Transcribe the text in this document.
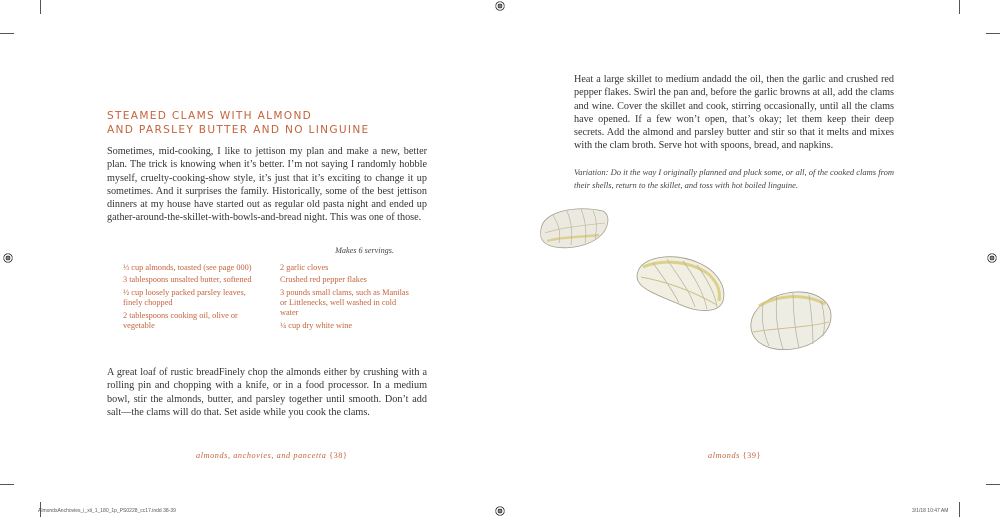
STEAMED CLAMS WITH ALMOND
AND PARSLEY BUTTER AND NO LINGUINE
Sometimes, mid-cooking, I like to jettison my plan and make a new, better plan. The trick is knowing when it’s better. I’m not saying I randomly hobble myself, cruelty-cooking-show style, it’s just that it’s exciting to change it up sometimes. And it surprises the family. Historically, some of the best jettison dinners at my house have started out as regular old pasta night and ended up gather-around-the-skillet-with-bowls-and-bread night. This was one of those.
Makes 6 servings.
⅓ cup almonds, toasted (see page 000)
3 tablespoons unsalted butter, softened
½ cup loosely packed parsley leaves, finely chopped
2 tablespoons cooking oil, olive or vegetable
2 garlic cloves
Crushed red pepper flakes
3 pounds small clams, such as Manilas or Littlenecks, well washed in cold water
¼ cup dry white wine
A great loaf of rustic breadFinely chop the almonds either by crushing with a rolling pin and chopping with a knife, or in a food processor. In a medium bowl, stir the almonds, butter, and parsley together until smooth. Don’t add salt—the clams will do that. Set aside while you cook the clams.
almonds, anchovies, and pancetta {38}
Heat a large skillet to medium andadd the oil, then the garlic and crushed red pepper flakes. Swirl the pan and, before the garlic browns at all, add the clams and wine. Cover the skillet and cook, stirring occasionally, until all the clams have opened. If a few won’t open, that’s okay; let them keep their deep secrets. Add the almond and parsley butter and stir so that it melts and mixes with the clam broth. Serve hot with spoons, bread, and napkins.
Variation: Do it the way I originally planned and pluck some, or all, of the cooked clams from their shells, return to the skillet, and toss with hot boiled linguine.
almonds {39}
AlmondsAnchovies_i_xii_1_180_1p_PS0228_cc17.indd 38-39	3/1/18 10:47 AM
